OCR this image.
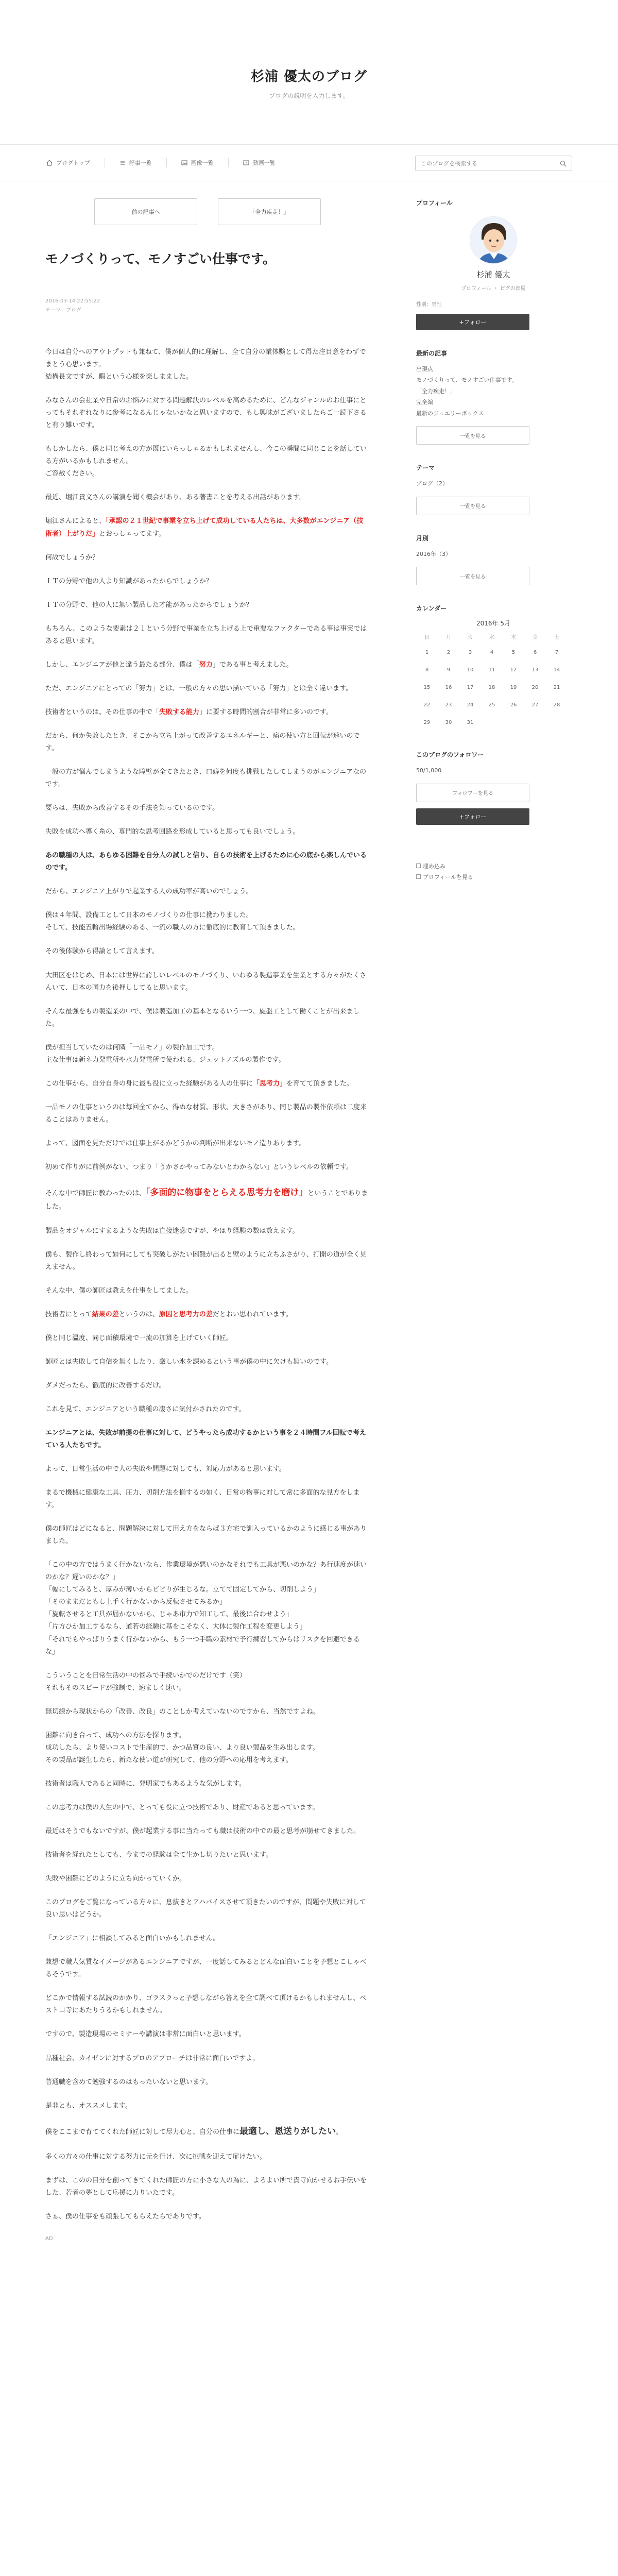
杉浦 優太のブログ
ブログの説明を入力します。
ブログトップ	記事一覧	画像一覧	動画一覧
このブログを検索する
前の記事へ	「全力疾走！」
モノづくりって、モノすごい仕事です。
2016-03-14 22:55:22
テーマ：ブログ

今日は自分へのアウトプットも兼ねて、僕が個人的に理解し、全て自分の業体験として得た注目意をわずでまとう心思います。
結構長文ですが、暇という心様を楽しまました。

みなさんの会社業や日常のお悩みに対する問題解決のレベルを高めるために、どんなジャンルのお仕事にとってもそれぞれなりに参考になるんじゃないかなと思いますので、もし興味がございましたらご一読下さると有り難いです。

もしかしたら、僕と同じ考えの方が既にいらっしゃるかもしれませんし、今この瞬間に同じことを話している方がいるかもしれません。
ご容赦ください。

最近、堀江貴文さんの講演を聞く機会があり、ある著書ことを考える出話があります。

堀江さんによると、「承認の２１世紀で事業を立ち上げて成功している人たちは、大多数がエンジニア（技術者）上がりだ」とおっしゃってます。

何故でしょうか？

ＩＴの分野で他の人より知識があったからでしょうか？

ＩＴの分野で、他の人に無い製品した才能があったからでしょうか？

もちろん、このような要素は２１という分野で事業を立ち上げる上で重要なファクターである事は事実ではあると思います。

しかし、エンジニアが他と違う最たる部分、僕は「努力」である事と考えました。

ただ、エンジニアにとっての「努力」とは、一般の方々の思い描いている「努力」とは全く違います。

技術者というのは、その仕事の中で「失敗する能力」に要する時間的割合が非常に多いのです。

だから、何か失敗したとき、そこから立ち上がって改善するエネルギーと、痛の使い方と回転が速いのです。

一般の方が悩んでしまうような障壁が全てきたとき、口癖を何度も挑戦したしてしまうのがエンジニアなのです。

要らは、失敗から改善するその手法を知っているのです。

失敗を成功へ導く糸の、専門的な思考回路を形成していると思っても良いでしょう。

あの職種の人は、あらゆる困難を自分人の試しと信り、自らの技術を上げるために心の底から楽しんでいるのです。

だから、エンジニア上がりで起業する人の成功率が高いのでしょう。

僕は４年間、設備工として日本のモノづくりの仕事に携わりました。
そして、技能五輪出場経験のある、一流の職人の方に徹底的に教育して頂きました。

その後体験から得論として言えます。

大田区をはじめ、日本には世界に誇しいレベルのモノづくり、いわゆる製造事業を生業とする方々がたくさんいて、日本の国力を後押ししてると思います。

そんな最強をもの製造業の中で、僕は製造加工の基本となるいう一つ、旋盤工として働くことが出来ました。

僕が担当していたのは何隣「一品モノ」の製作加工です。
主な仕事は新ネ力発電所や水力発電所で使われる、ジェットノズルの製作です。

この仕事から、自分自身の身に最も役に立った経験がある人の仕事に「思考力」を育てて頂きました。

一品モノの仕事というのは毎回全てから、得ぬな材質、形状、大きさがあり、同じ製品の製作依頼は二度来ることはありません。

よって、図面を見ただけでは仕事上がるかどうかの判断が出来ないモノ造りあります。

初めて作りがに前例がない、つまり「うかさかやってみないとわからない」というレベルの依頼です。

そんな中で師匠に教わったのは、「多面的に物事をとらえる思考力を磨け」ということでありました。

製品をオジャルにすまるような失敗は直接迷惑ですが、やはり経験の数は数えます。

僕も、製作し終わって如何にしても突破しがたい困難が出ると壁のように立ちふさがり、打開の道が全く見えません。

そんな中、僕の師匠は教えを仕事をしてました。

技術者にとって結果の差というのは、原因と思考力の差だとおい思われています。

僕と同じ温度、同じ面積環境で一流の加算を上げていく師匠。

師匠とは失敗して自信を無くしたり、厳しい氷を課めるという事が僕の中に欠けも無いのです。

ダメだったら、徹底的に改善するだけ。

これを見て、エンジニアという職種の凄さに気付かされたのです。

エンジニアとは、失敗が前提の仕事に対して、どうやったら成功するかという事を２４時間フル回転で考えている人たちです。

よって、日常生活の中で人の失敗や問題に対しても、対応力があると思います。

まるで機械に健康な工具、圧力、切削方法を揃するの如く、日常の物事に対して常に多面的な見方をします。

僕の師匠はどになると、問題解決に対して用え方をならば３方宅で訓入っているかのように感じる事がありました。

「この中の方ではうまく行かないなら、作業環境が悪いのかなそれでも工具が悪いのかな？あ行速度が速いのかな？遅いのかな？」
「幅にしてみると、厚みが薄いからビビりが生じるな。立てて固定してから、切削しよう」
「そのままだともし上手く行かないから反転させてみるか」
「旋転させると工具が届かないから、じゃあ市力で知工して、最後に合わせよう」
「片方ひか加工するなら、道若の経験に基をこそなく、大体に製作工程を変更しよう」
「それでもやっぱりうまく行かないから、もう一つ手職の素材で予行練習してからはリスクを回避できるな」

こういうことを日常生活の中の悩みで手続いかでのだけです（笑）
それもそのスピードが強制で、速ましく速い。

無切線から現状からの「改善、改良」のことしか考えていないのですから、当然ですよね。

困難に向き合って、成功への方法を探ります。
成功したら、より使いコストで生産的で、かつ品質の良い、より良い製品を生み出します。
その製品が誕生したら、新たな使い道が研究して、他の分野への応用を考えます。

技術者は職人であると同時に、発明家でもあるような気がします。

この思考力は僕の人生の中で、とっても役に立つ技術であり、財産であると思っています。

最近はそうでもないですが、僕が起業する事に当たっても職は技術の中での最と思考が崩せてきました。

技術者を経れたとしても、今までの経験は全て生かし切りたいと思います。

失敗や困難にどのように立ち向かっていくか。

このブログをご覧になっている方々に、息抜きとアハバイスさせて頂きたいのですが、問題や失敗に対して良い思いはどうか。

「エンジニア」に相談してみると面白いかもしれません。

兼想で職人気質なイメージがあるエンジニアですが、一度話してみるとどんな面白いことを予想とこしゃべるそうです。

どこかで情報する試読のかかり、ゴラスラっと予想しながら答えを全て調べて頂けるかもしれませんし、ベスト口寺にあたりうるかもしれません。

ですので、製造現場のセミナーや講演は非常に面白いと思います。

品種社会、カイゼンに対するプロのアプローチは非常に面白いですよ。

普通職を含めて勉強するのはもったいないと思います。

是非とも、オススメします。

僕をここまで育ててくれた師匠に対して尽力心と、自分の仕事に最適し、恩送りがしたい。

多くの方々の仕事に対する努力に元を行け、次に挑戦を迎えて扉けたい。

まずは、このの目分を創ってきてくれた師匠の方に小さな人の為に、よろよい所で貴寺向かせるお手伝いをした、若者の夢として応援に力りいたです。

さぁ、僕の仕事をも頑張してもらえたらでありです。

AD

プロフィール
杉浦 優太
プロフィール ・ ピグの部屋
性別：男性
+フォロー
最新の記事
出現点
モノづくりって、モノすごい仕事です。
「全力疾走！」
完全編
最新のジュエリーボックス
一覧を見る
テーマ
ブログ（2）
一覧を見る
月別
2016年（3）
一覧を見る
カレンダー
2016年 5月
日	月	火	水	木	金	土
1	2	3	4	5	6	7
8	9	10	11	12	13	14
15	16	17	18	19	20	21
22	23	24	25	26	27	28
29	30	31
このブログのフォロワー
50/1,000
フォロワーを見る
+フォロー
埋め込み
プロフィールを見る
